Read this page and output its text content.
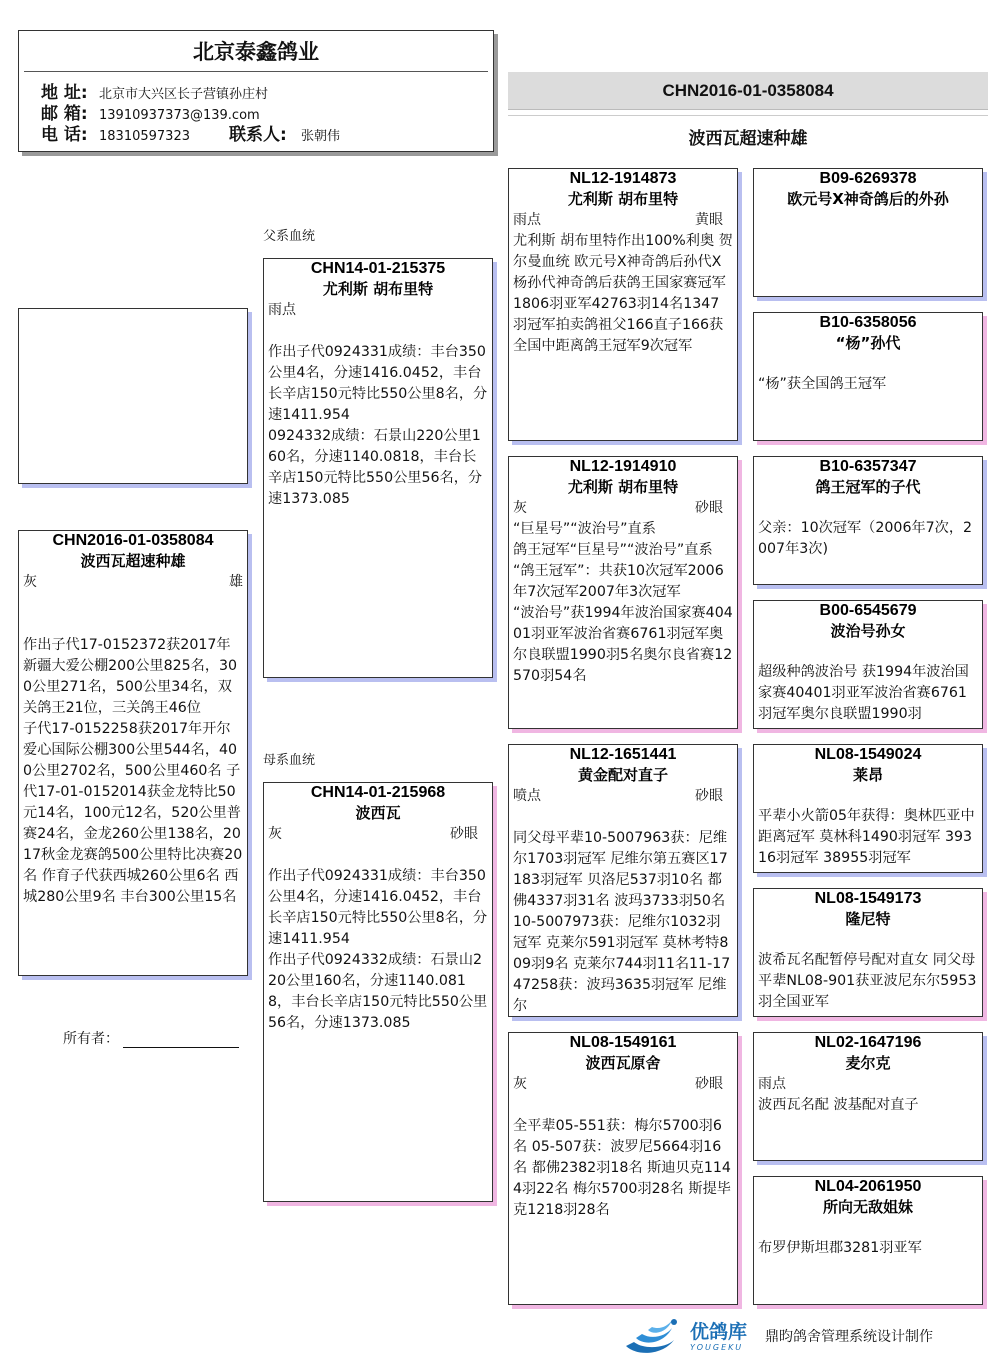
北京泰鑫鸽业
地 址: 北京市大兴区长子营镇孙庄村
邮 箱: 13910937373@139.com
电 话: 18310597323 联系人:	张朝伟
CHN2016-01-0358084
波西瓦超速种雄
CHN2016-01-0358084
波西瓦超速种雄
灰	雄
作出子代17-0152372获2017年新疆大爱公棚200公里825名，300公里271名，500公里34名，双关鸽王21位，三关鸽王46位
子代17-0152258获2017年开尔爱心国际公棚300公里544名，400公里2702名，500公里460名 子代17-01-0152014获金龙特比50元14名，100元12名，520公里普赛24名，金龙260公里138名，2017秋金龙赛鸽500公里特比决赛20名 作育子代获西城260公里6名 西城280公里9名 丰台300公里15名
所有者：
父系血统
CHN14-01-215375
尤利斯 胡布里特
雨点
作出子代0924331成绩：丰台350公里4名，分速1416.0452，丰台长辛店150元特比550公里8名，分速1411.954
0924332成绩：石景山220公里160名，分速1140.0818，丰台长辛店150元特比550公里56名，分速1373.085
母系血统
CHN14-01-215968
波西瓦
灰	砂眼
作出子代0924331成绩：丰台350公里4名，分速1416.0452，丰台长辛店150元特比550公里8名，分速1411.954
作出子代0924332成绩：石景山220公里160名，分速1140.0818，丰台长辛店150元特比550公里56名，分速1373.085
NL12-1914873
尤利斯 胡布里特
雨点	黄眼
尤利斯 胡布里特作出100%利奥 贺尔曼血统 欧元号X神奇鸽后孙代X杨孙代神奇鸽后获鸽王国家赛冠军1806羽亚军42763羽14名1347羽冠军拍卖鸽祖父166直子166获全国中距离鸽王冠军9次冠军
NL12-1914910
尤利斯 胡布里特
灰	砂眼
“巨星号”“波治号”直系
鸽王冠军“巨星号”“波治号”直系
“鸽王冠军”：共获10次冠军2006年7次冠军2007年3次冠军
“波治号”获1994年波治国家赛40401羽亚军波治省赛6761羽冠军奥尔良联盟1990羽5名奥尔良省赛12570羽54名
NL12-1651441
黄金配对直子
喷点	砂眼
同父母平辈10-5007963获：尼维尔1703羽冠军 尼维尔第五赛区17183羽冠军 贝洛尼537羽10名 都佛4337羽31名 波玛3733羽50名 10-5007973获：尼维尔1032羽冠军 克莱尔591羽冠军 莫林考特809羽9名 克莱尔744羽11名11-1747258获：波玛3635羽冠军 尼维尔
NL08-1549161
波西瓦原舍
灰	砂眼
全平辈05-551获：梅尔5700羽6名 05-507获：波罗尼5664羽16名 都佛2382羽18名 斯迪贝克1144羽22名 梅尔5700羽28名 斯提毕克1218羽28名
B09-6269378
欧元号X神奇鸽后的外孙
B10-6358056
“杨”孙代
“杨”获全国鸽王冠军
B10-6357347
鸽王冠军的子代
父亲：10次冠军（2006年7次，2007年3次)
B00-6545679
波治号孙女
超级种鸽波治号 获1994年波治国家赛40401羽亚军波治省赛6761羽冠军奥尔良联盟1990羽
NL08-1549024
莱昂
平辈小火箭05年获得：奥林匹亚中距离冠军 莫林科1490羽冠军 39316羽冠军 38955羽冠军
NL08-1549173
隆尼特
波希瓦名配暂停号配对直女 同父母平辈NL08-901获亚波尼东尔5953羽全国亚军
NL02-1647196
麦尔克
雨点
波西瓦名配 波基配对直子
NL04-2061950
所向无敌姐妹
布罗伊斯坦郡3281羽亚军
优鸽库
YOUGEKU
鼎昀鸽舍管理系统设计制作
